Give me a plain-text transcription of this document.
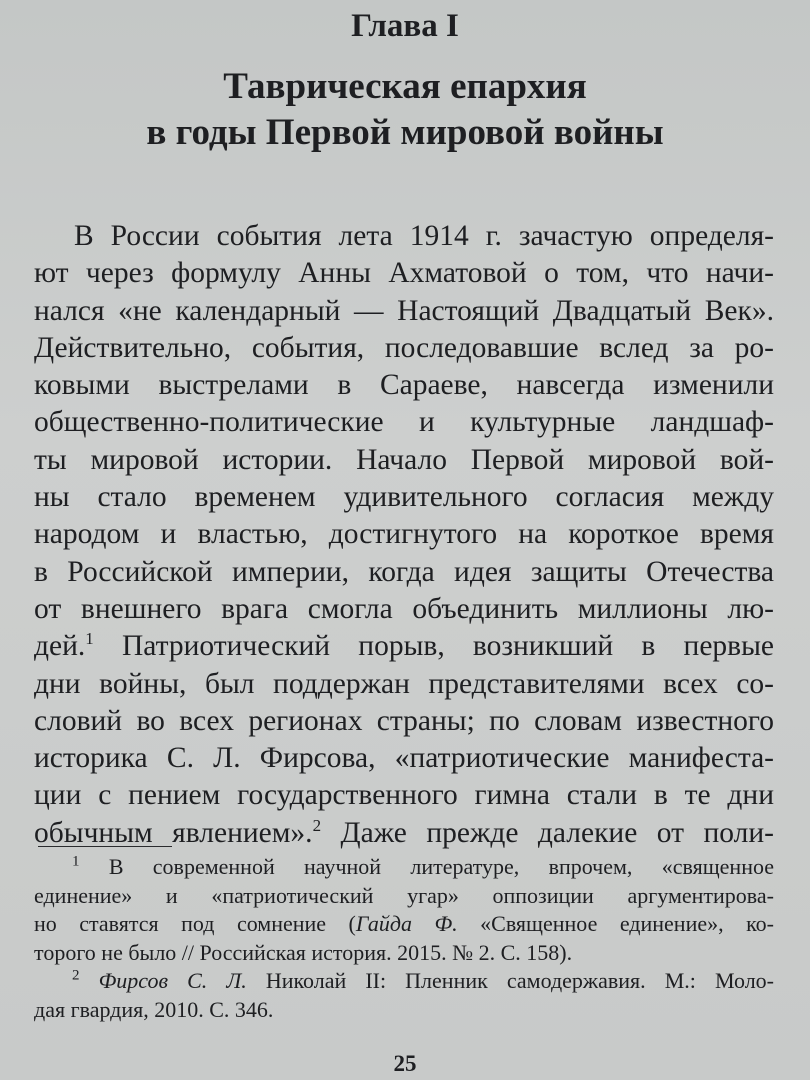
Глава I
Таврическая епархия
в годы Первой мировой войны
В России события лета 1914 г. зачастую определя-
ют через формулу Анны Ахматовой о том, что начи-
нался «не календарный — Настоящий Двадцатый Век».
Действительно, события, последовавшие вслед за ро-
ковыми выстрелами в Сараеве, навсегда изменили
общественно-политические и культурные ландшаф-
ты мировой истории. Начало Первой мировой вой-
ны стало временем удивительного согласия между
народом и властью, достигнутого на короткое время
в Российской империи, когда идея защиты Отечества
от внешнего врага смогла объединить миллионы лю-
дей.$^1$ Патриотический порыв, возникший в первые
дни войны, был поддержан представителями всех со-
словий во всех регионах страны; по словам известного
историка С. Л. Фирсова, «патриотические манифеста-
ции с пением государственного гимна стали в те дни
обычным явлением».$^2$ Даже прежде далекие от поли-
$^1$ В современной научной литературе, впрочем, «священное
единение» и «патриотический угар» оппозиции аргументирова-
но ставятся под сомнение (Гайда Ф. «Священное единение», ко-
торого не было // Российская история. 2015. № 2. С. 158).
$^2$ Фирсов С. Л. Николай II: Пленник самодержавия. М.: Моло-
дая гвардия, 2010. С. 346.
25
